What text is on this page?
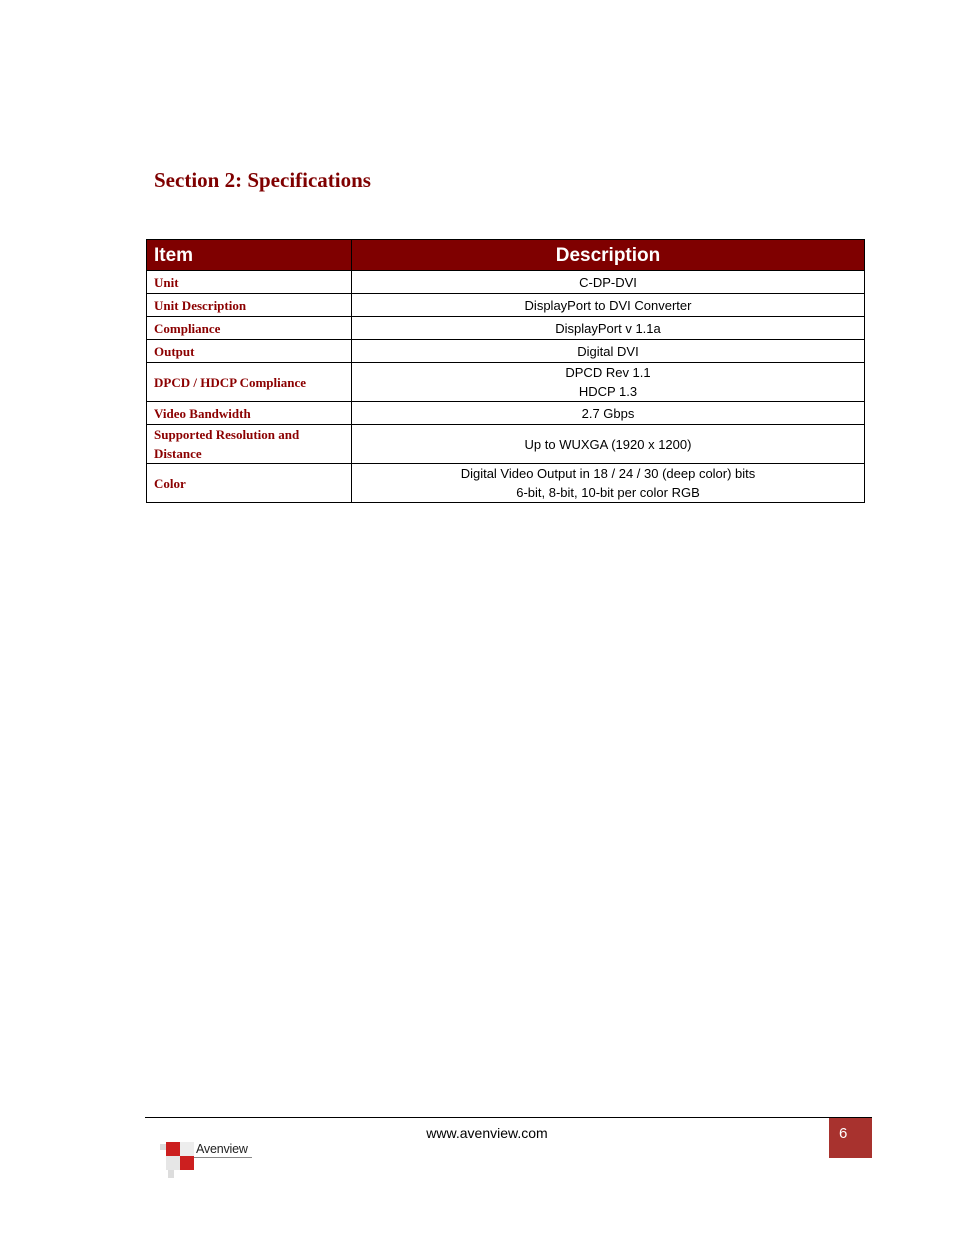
Section 2: Specifications
Item	Description
Unit	C-DP-DVI
Unit Description	DisplayPort to DVI Converter
Compliance	DisplayPort v 1.1a
Output	Digital DVI
DPCD / HDCP Compliance	DPCD Rev 1.1
HDCP 1.3

Video Bandwidth	2.7 Gbps
Supported Resolution and Distance	Up to WUXGA (1920 x 1200)
Color	Digital Video Output in 18 / 24 / 30 (deep color) bits
6-bit, 8-bit, 10-bit per color RGB
www.avenview.com	6
Avenview
